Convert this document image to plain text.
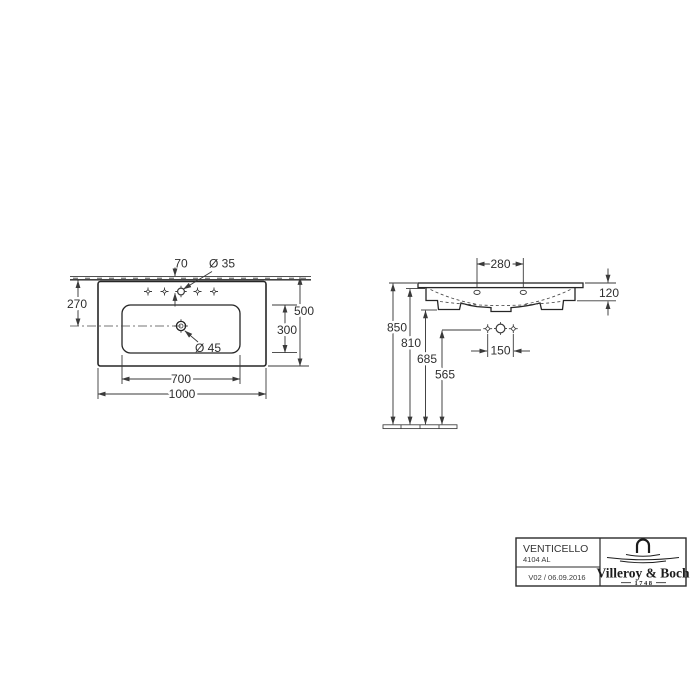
70 Ø 35
270	500
300
Ø 45
700
1000
280
120
150
850
810
685
565
VENTICELLO
4104 AL
V02 / 06.09.2016 Villeroy & Boch
1748
